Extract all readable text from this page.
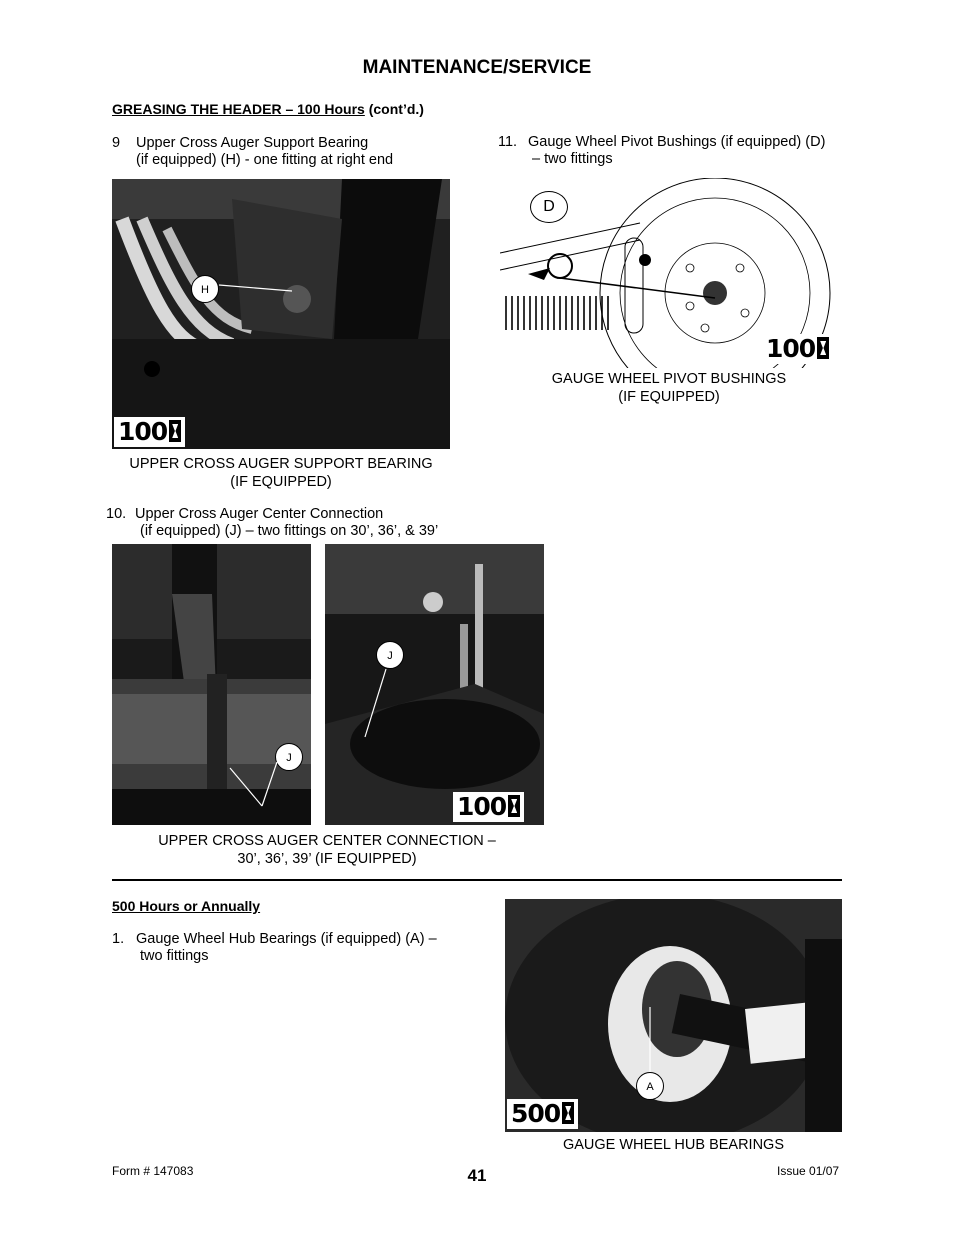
MAINTENANCE/SERVICE
GREASING THE HEADER – 100 Hours (cont’d.)
9 Upper Cross Auger Support Bearing
(if equipped) (H) - one fitting at right end
H
100
UPPER CROSS AUGER SUPPORT BEARING
(IF EQUIPPED)
10. Upper Cross Auger Center Connection
(if equipped) (J) – two fittings on 30’, 36’, & 39’
J
J
100
UPPER CROSS AUGER CENTER CONNECTION –
30’, 36’, 39’ (IF EQUIPPED)
11. Gauge Wheel Pivot Bushings (if equipped) (D)
– two fittings
D
100
GAUGE WHEEL PIVOT BUSHINGS
(IF EQUIPPED)
500 Hours or Annually
1. Gauge Wheel Hub Bearings (if equipped) (A) –
two fittings
A
500
GAUGE WHEEL HUB BEARINGS
Form # 147083	41	Issue 01/07
